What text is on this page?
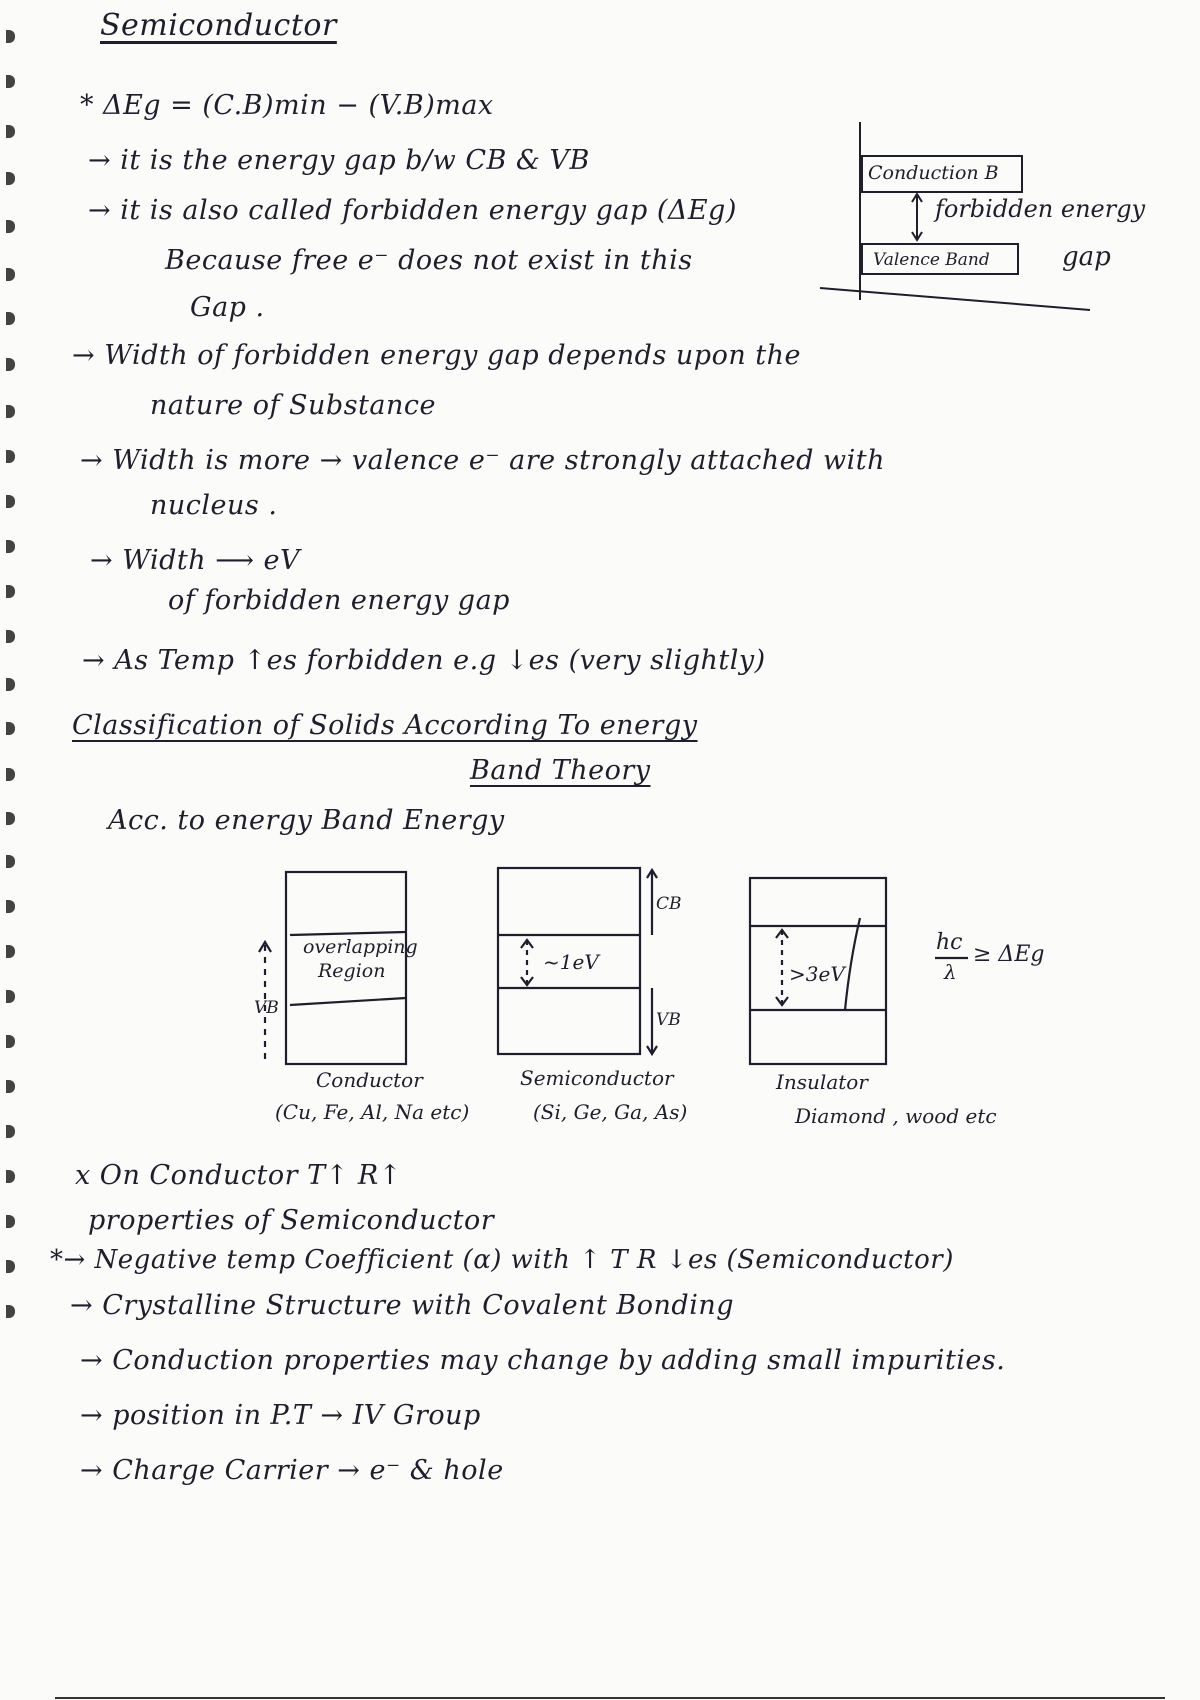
Semiconductor
* ΔEg = (C.B)min − (V.B)max
→ it is the energy gap b/w CB & VB
→ it is also called forbidden energy gap (ΔEg)
Because free e⁻ does not exist in this
Gap .
→ Width of forbidden energy gap depends upon the
nature of Substance
→ Width is more → valence e⁻ are strongly attached with
nucleus .
→ Width ⟶ eV
of forbidden energy gap
→ As Temp ↑es forbidden e.g ↓es (very slightly)
Conduction B
forbidden energy
gap
Valence Band
Classification of Solids According To energy
Band Theory
Acc. to energy Band Energy
overlapping
Region
VB
Conductor
(Cu, Fe, Al, Na etc)
~1eV
CB
VB
Semiconductor
(Si, Ge, Ga, As)
>3eV
Insulator
Diamond , wood etc
hc ≥ ΔEg
λ
x On Conductor T↑ R↑
properties of Semiconductor
*→ Negative temp Coefficient (α) with ↑ T R ↓es (Semiconductor)
→ Crystalline Structure with Covalent Bonding
→ Conduction properties may change by adding small impurities.
→ position in P.T → IV Group
→ Charge Carrier → e⁻ & hole
